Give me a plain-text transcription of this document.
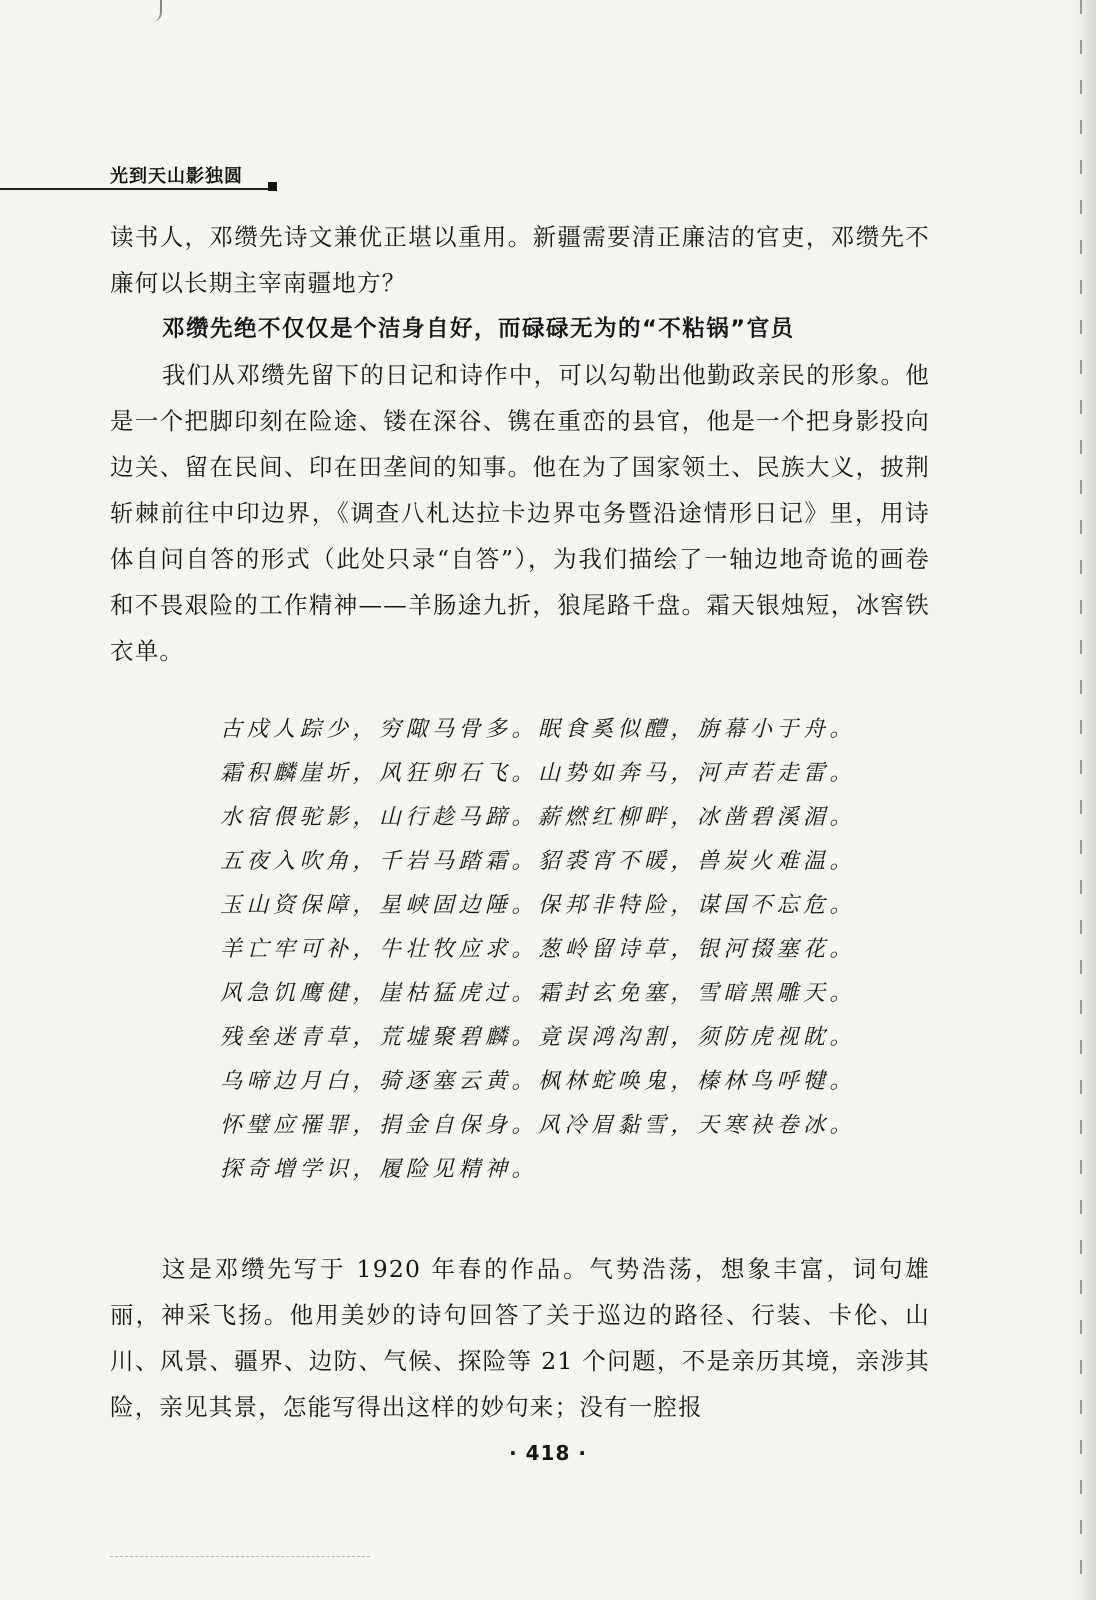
光到天山影独圆

读书人，邓缵先诗文兼优正堪以重用。新疆需要清正廉洁的官吏，邓缵先不廉何以长期主宰南疆地方？

邓缵先绝不仅仅是个洁身自好，而碌碌无为的“不粘锅”官员

我们从邓缵先留下的日记和诗作中，可以勾勒出他勤政亲民的形象。他是一个把脚印刻在险途、镂在深谷、镌在重峦的县官，他是一个把身影投向边关、留在民间、印在田垄间的知事。他在为了国家领土、民族大义，披荆斩棘前往中印边界，《调查八札达拉卡边界屯务暨沿途情形日记》里，用诗体自问自答的形式（此处只录“自答”），为我们描绘了一轴边地奇诡的画卷和不畏艰险的工作精神——羊肠途九折，狼尾路千盘。霜天银烛短，冰窖铁衣单。

古戍人踪少，穷陬马骨多。眠食奚似醴，旃幕小于舟。
霜积麟崖圻，风狂卵石飞。山势如奔马，河声若走雷。
水宿偎驼影，山行趁马蹄。薪燃红柳畔，冰凿碧溪湄。
五夜入吹角，千岩马踏霜。貂裘宵不暖，兽炭火难温。
玉山资保障，星峡固边陲。保邦非特险，谋国不忘危。
羊亡牢可补，牛壮牧应求。葱岭留诗草，银河掇塞花。
风急饥鹰健，崖枯猛虎过。霜封玄免塞，雪暗黑雕天。
残垒迷青草，荒墟聚碧麟。竟误鸿沟割，须防虎视眈。
乌啼边月白，骑逐塞云黄。枫林蛇唤鬼，榛林鸟呼犍。
怀璧应罹罪，捐金自保身。风冷眉黏雪，天寒袂卷冰。
探奇增学识，履险见精神。

这是邓缵先写于 1920 年春的作品。气势浩荡，想象丰富，词句雄丽，神采飞扬。他用美妙的诗句回答了关于巡边的路径、行装、卡伦、山川、风景、疆界、边防、气候、探险等 21 个问题，不是亲历其境，亲涉其险，亲见其景，怎能写得出这样的妙句来；没有一腔报

· 418 ·
